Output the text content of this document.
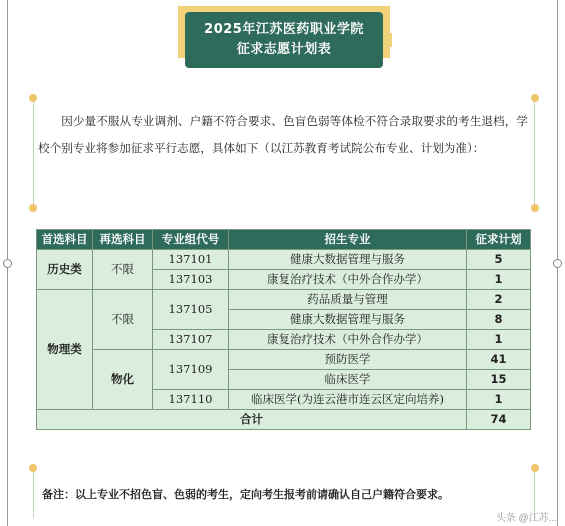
2025年江苏医药职业学院
征求志愿计划表

因少量不服从专业调剂、户籍不符合要求、色盲色弱等体检不符合录取要求的考生退档，学校个别专业将参加征求平行志愿，具体如下（以江苏教育考试院公布专业、计划为准）：

首选科目	再选科目	专业组代号	招生专业	征求计划
历史类	不限	137101	健康大数据管理与服务	5
		137103	康复治疗技术（中外合作办学）	1
物理类	不限	137105	药品质量与管理	2
			健康大数据管理与服务	8
		137107	康复治疗技术（中外合作办学）	1
	物化	137109	预防医学	41
			临床医学	15
		137110	临床医学(为连云港市连云区定向培养)	1
合计				74

备注：以上专业不招色盲、色弱的考生，定向考生报考前请确认自己户籍符合要求。

头条 @江苏...
